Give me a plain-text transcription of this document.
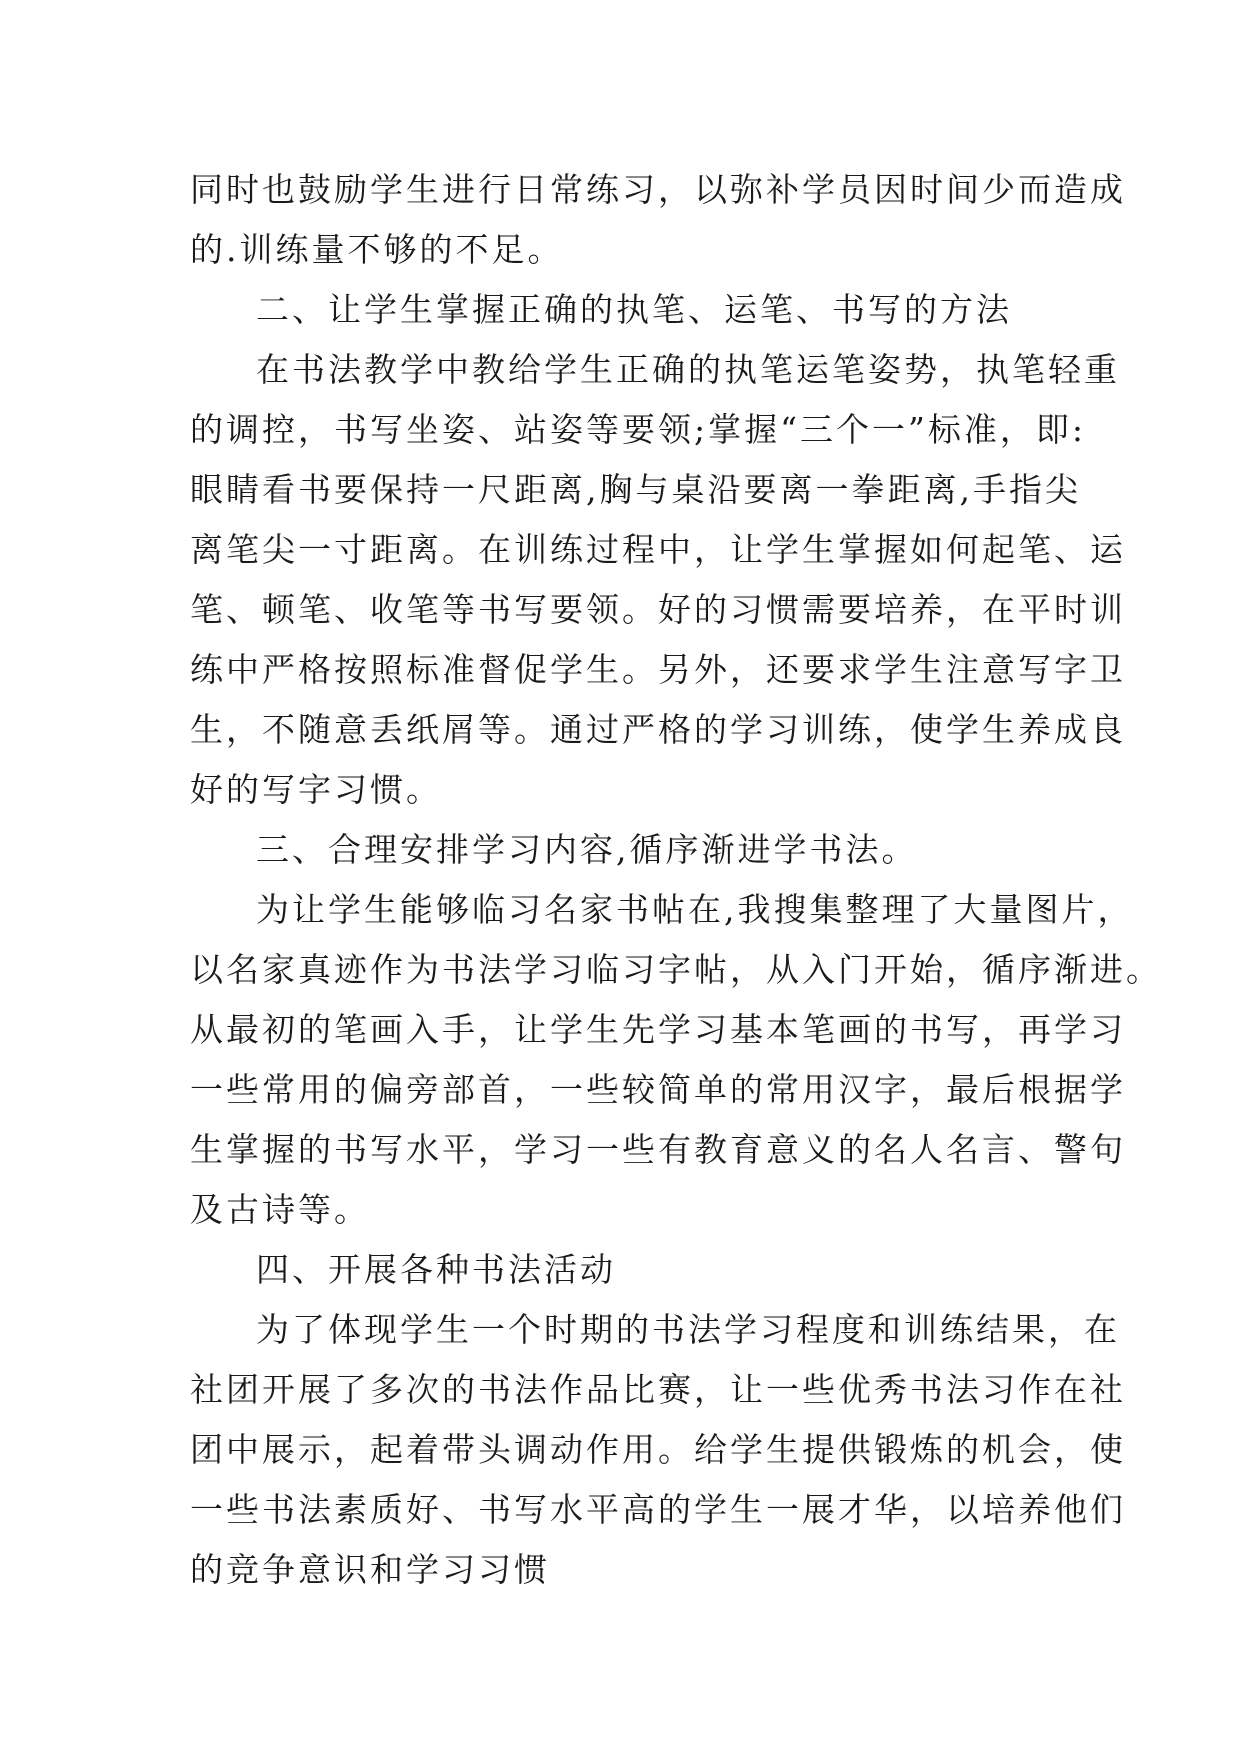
同时也鼓励学生进行日常练习，以弥补学员因时间少而造成
的.训练量不够的不足。
二、让学生掌握正确的执笔、运笔、书写的方法
在书法教学中教给学生正确的执笔运笔姿势，执笔轻重
的调控，书写坐姿、站姿等要领;掌握“三个一”标准，即:
眼睛看书要保持一尺距离,胸与桌沿要离一拳距离,手指尖
离笔尖一寸距离。在训练过程中，让学生掌握如何起笔、运
笔、顿笔、收笔等书写要领。好的习惯需要培养，在平时训
练中严格按照标准督促学生。另外，还要求学生注意写字卫
生，不随意丢纸屑等。通过严格的学习训练，使学生养成良
好的写字习惯。
三、合理安排学习内容,循序渐进学书法。
为让学生能够临习名家书帖在,我搜集整理了大量图片，
以名家真迹作为书法学习临习字帖，从入门开始，循序渐进。
从最初的笔画入手，让学生先学习基本笔画的书写，再学习
一些常用的偏旁部首，一些较简单的常用汉字，最后根据学
生掌握的书写水平，学习一些有教育意义的名人名言、警句
及古诗等。
四、开展各种书法活动
为了体现学生一个时期的书法学习程度和训练结果，在
社团开展了多次的书法作品比赛，让一些优秀书法习作在社
团中展示，起着带头调动作用。给学生提供锻炼的机会，使
一些书法素质好、书写水平高的学生一展才华，以培养他们
的竞争意识和学习习惯
